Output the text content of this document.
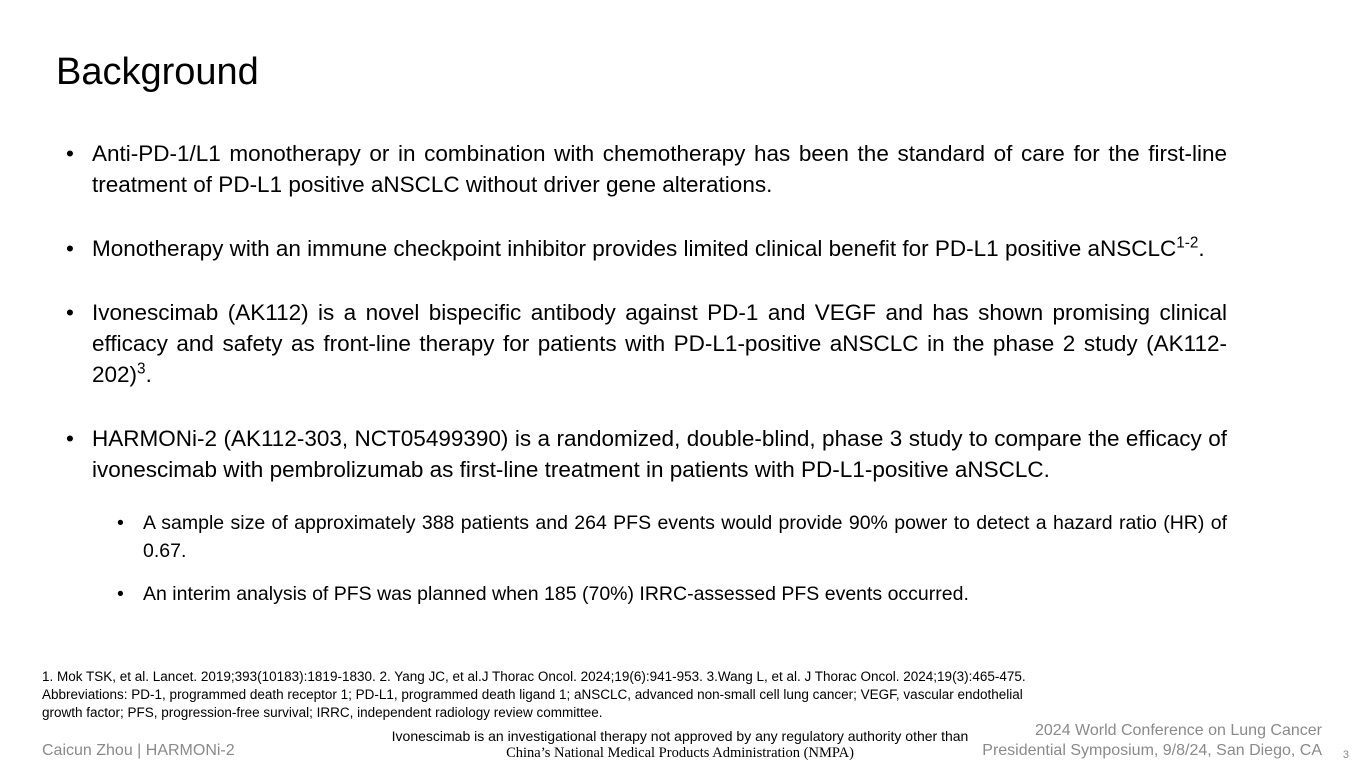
Background
• Anti-PD-1/L1 monotherapy or in combination with chemotherapy has been the standard of care for the first-line treatment of PD-L1 positive aNSCLC without driver gene alterations.
• Monotherapy with an immune checkpoint inhibitor provides limited clinical benefit for PD-L1 positive aNSCLC$^{1-2}$.
• Ivonescimab (AK112) is a novel bispecific antibody against PD-1 and VEGF and has shown promising clinical efficacy and safety as front-line therapy for patients with PD-L1-positive aNSCLC in the phase 2 study $(AK112-202)^3$.
• HARMONi-2 (AK112-303, NCT05499390) is a randomized, double-blind, phase 3 study to compare the efficacy of ivonescimab with pembrolizumab as first-line treatment in patients with PD-L1-positive aNSCLC.
• A sample size of approximately 388 patients and 264 PFS events would provide 90% power to detect a hazard ratio (HR) of 0.67.
• An interim analysis of PFS was planned when 185 (70%) IRRC-assessed PFS events occurred.
1. Mok TSK, et al. Lancet. 2019;393(10183):1819-1830. 2. Yang JC, et al.J Thorac Oncol. 2024;19(6):941-953. 3.Wang L, et al. J Thorac Oncol. 2024;19(3):465-475.
Abbreviations: PD-1, programmed death receptor 1; PD-L1, programmed death ligand 1; aNSCLC, advanced non-small cell lung cancer; VEGF, vascular endothelial
growth factor; PFS, progression-free survival; IRRC, independent radiology review committee.
Caicun Zhou | HARMONi-2
Ivonescimab is an investigational therapy not approved by any regulatory authority other than
China’s National Medical Products Administration (NMPA)
2024 World Conference on Lung Cancer
Presidential Symposium, 9/8/24, San Diego, CA 3
